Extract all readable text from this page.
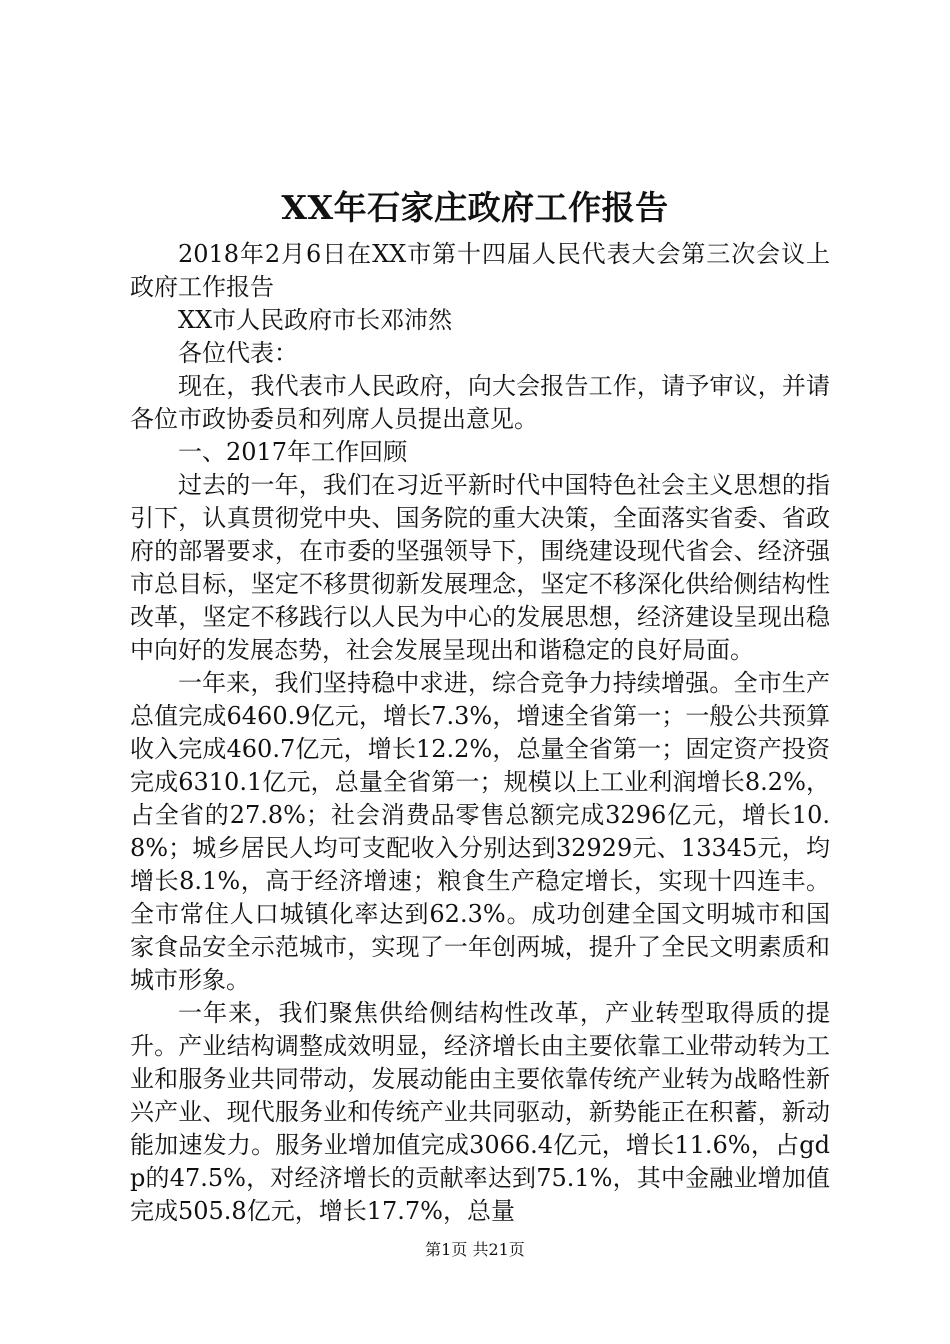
XX年石家庄政府工作报告

2018年2月6日在XX市第十四届人民代表大会第三次会议上政府工作报告

XX市人民政府市长邓沛然

各位代表：

现在，我代表市人民政府，向大会报告工作，请予审议，并请各位市政协委员和列席人员提出意见。

一、2017年工作回顾

过去的一年，我们在习近平新时代中国特色社会主义思想的指引下，认真贯彻党中央、国务院的重大决策，全面落实省委、省政府的部署要求，在市委的坚强领导下，围绕建设现代省会、经济强市总目标，坚定不移贯彻新发展理念，坚定不移深化供给侧结构性改革，坚定不移践行以人民为中心的发展思想，经济建设呈现出稳中向好的发展态势，社会发展呈现出和谐稳定的良好局面。

一年来，我们坚持稳中求进，综合竞争力持续增强。全市生产总值完成6460.9亿元，增长7.3%，增速全省第一；一般公共预算收入完成460.7亿元，增长12.2%，总量全省第一；固定资产投资完成6310.1亿元，总量全省第一；规模以上工业利润增长8.2%，占全省的27.8%；社会消费品零售总额完成3296亿元，增长10.8%；城乡居民人均可支配收入分别达到32929元、13345元，均增长8.1%，高于经济增速；粮食生产稳定增长，实现十四连丰。全市常住人口城镇化率达到62.3%。成功创建全国文明城市和国家食品安全示范城市，实现了一年创两城，提升了全民文明素质和城市形象。

一年来，我们聚焦供给侧结构性改革，产业转型取得质的提升。产业结构调整成效明显，经济增长由主要依靠工业带动转为工业和服务业共同带动，发展动能由主要依靠传统产业转为战略性新兴产业、现代服务业和传统产业共同驱动，新势能正在积蓄，新动能加速发力。服务业增加值完成3066.4亿元，增长11.6%，占gdp的47.5%，对经济增长的贡献率达到75.1%，其中金融业增加值完成505.8亿元，增长17.7%，总量

第1页 共21页
